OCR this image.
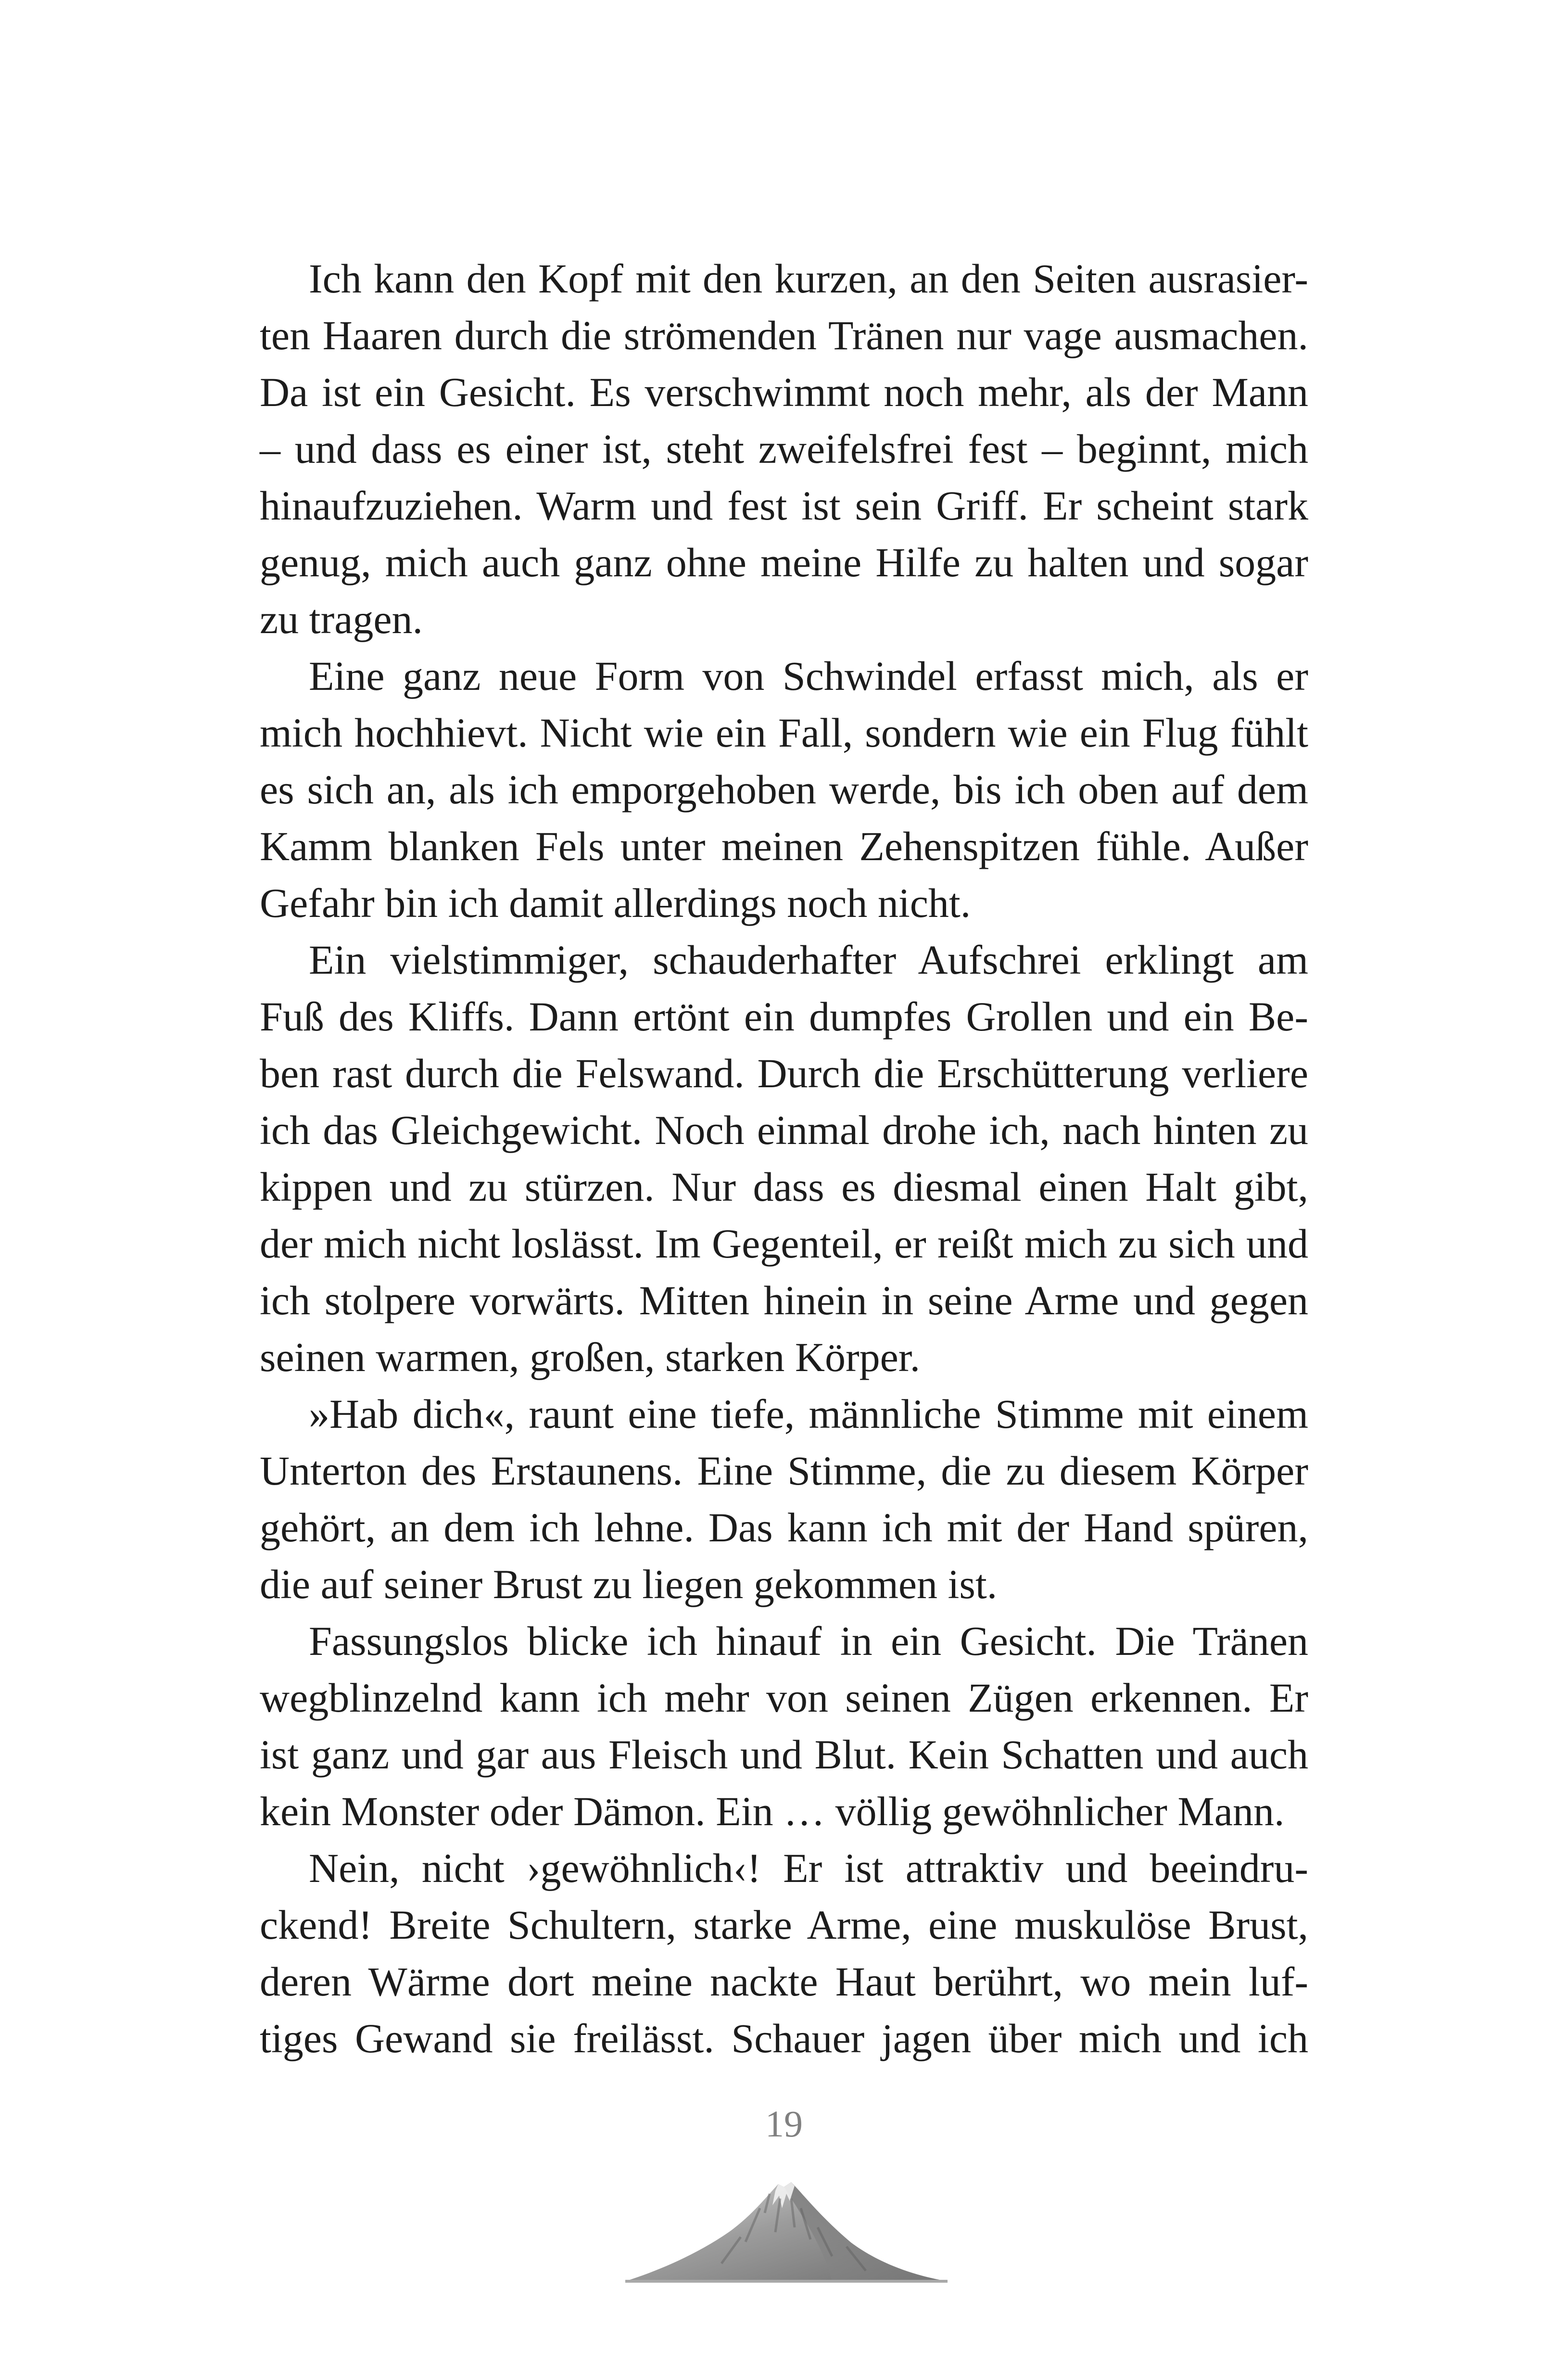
Ich kann den Kopf mit den kurzen, an den Seiten ausrasier-
ten Haaren durch die strömenden Tränen nur vage ausmachen.
Da ist ein Gesicht. Es verschwimmt noch mehr, als der Mann
– und dass es einer ist, steht zweifelsfrei fest – beginnt, mich
hinaufzuziehen. Warm und fest ist sein Griff. Er scheint stark
genug, mich auch ganz ohne meine Hilfe zu halten und sogar
zu tragen.
Eine ganz neue Form von Schwindel erfasst mich, als er
mich hochhievt. Nicht wie ein Fall, sondern wie ein Flug fühlt
es sich an, als ich emporgehoben werde, bis ich oben auf dem
Kamm blanken Fels unter meinen Zehenspitzen fühle. Außer
Gefahr bin ich damit allerdings noch nicht.
Ein vielstimmiger, schauderhafter Aufschrei erklingt am
Fuß des Kliffs. Dann ertönt ein dumpfes Grollen und ein Be-
ben rast durch die Felswand. Durch die Erschütterung verliere
ich das Gleichgewicht. Noch einmal drohe ich, nach hinten zu
kippen und zu stürzen. Nur dass es diesmal einen Halt gibt,
der mich nicht loslässt. Im Gegenteil, er reißt mich zu sich und
ich stolpere vorwärts. Mitten hinein in seine Arme und gegen
seinen warmen, großen, starken Körper.
»Hab dich«, raunt eine tiefe, männliche Stimme mit einem
Unterton des Erstaunens. Eine Stimme, die zu diesem Körper
gehört, an dem ich lehne. Das kann ich mit der Hand spüren,
die auf seiner Brust zu liegen gekommen ist.
Fassungslos blicke ich hinauf in ein Gesicht. Die Tränen
wegblinzelnd kann ich mehr von seinen Zügen erkennen. Er
ist ganz und gar aus Fleisch und Blut. Kein Schatten und auch
kein Monster oder Dämon. Ein … völlig gewöhnlicher Mann.
Nein, nicht ›gewöhnlich‹! Er ist attraktiv und beeindru-
ckend! Breite Schultern, starke Arme, eine muskulöse Brust,
deren Wärme dort meine nackte Haut berührt, wo mein luf-
tiges Gewand sie freilässt. Schauer jagen über mich und ich
19
